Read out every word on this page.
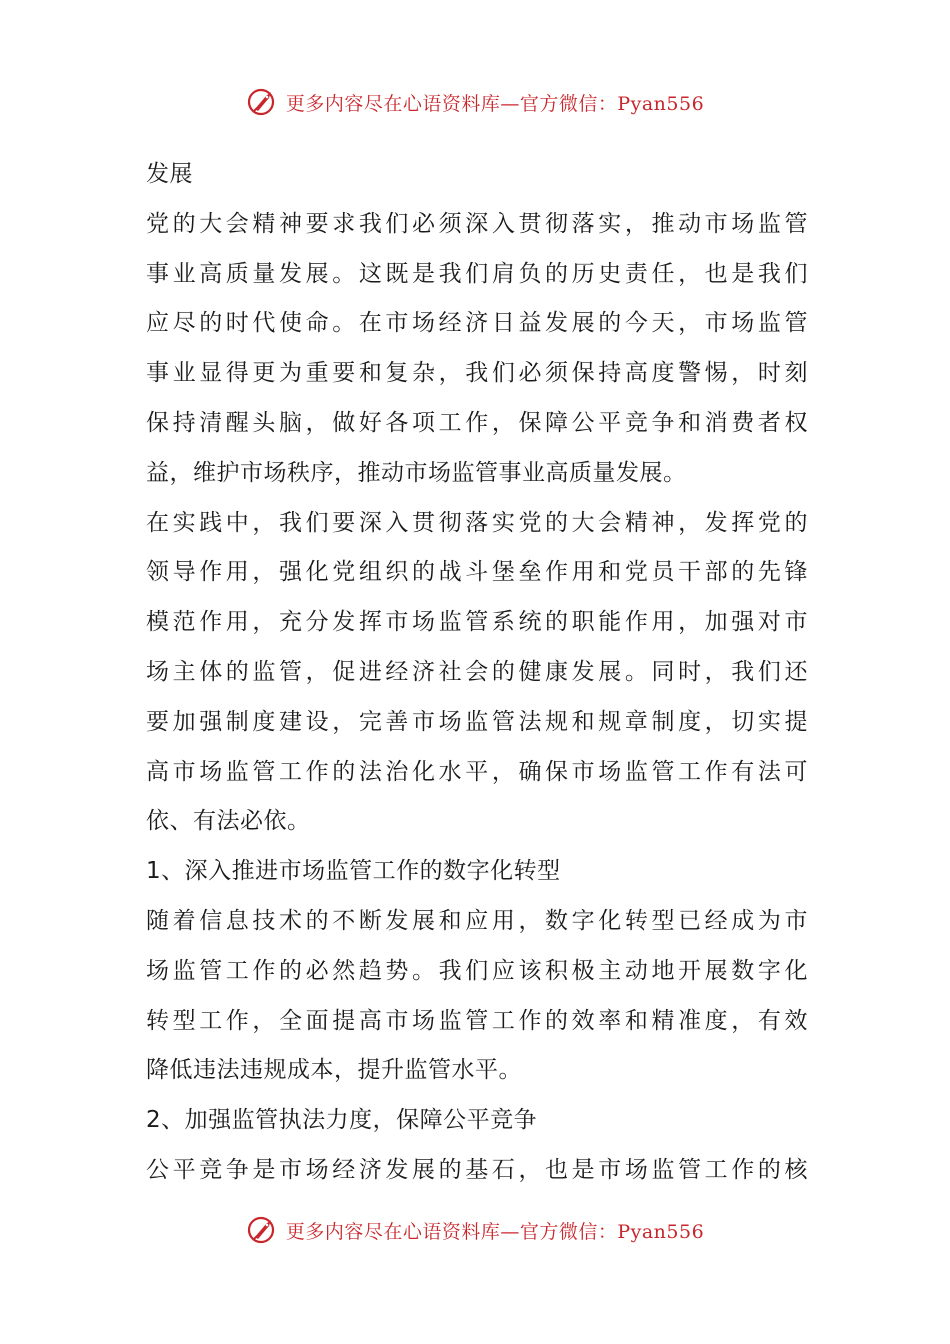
更多内容尽在心语资料库—官方微信：Pyan556
发展
党的大会精神要求我们必须深入贯彻落实，推动市场监管
事业高质量发展。这既是我们肩负的历史责任，也是我们
应尽的时代使命。在市场经济日益发展的今天，市场监管
事业显得更为重要和复杂，我们必须保持高度警惕，时刻
保持清醒头脑，做好各项工作，保障公平竞争和消费者权
益，维护市场秩序，推动市场监管事业高质量发展。
在实践中，我们要深入贯彻落实党的大会精神，发挥党的
领导作用，强化党组织的战斗堡垒作用和党员干部的先锋
模范作用，充分发挥市场监管系统的职能作用，加强对市
场主体的监管，促进经济社会的健康发展。同时，我们还
要加强制度建设，完善市场监管法规和规章制度，切实提
高市场监管工作的法治化水平，确保市场监管工作有法可
依、有法必依。
1、深入推进市场监管工作的数字化转型
随着信息技术的不断发展和应用，数字化转型已经成为市
场监管工作的必然趋势。我们应该积极主动地开展数字化
转型工作，全面提高市场监管工作的效率和精准度，有效
降低违法违规成本，提升监管水平。
2、加强监管执法力度，保障公平竞争
公平竞争是市场经济发展的基石，也是市场监管工作的核
更多内容尽在心语资料库—官方微信：Pyan556
